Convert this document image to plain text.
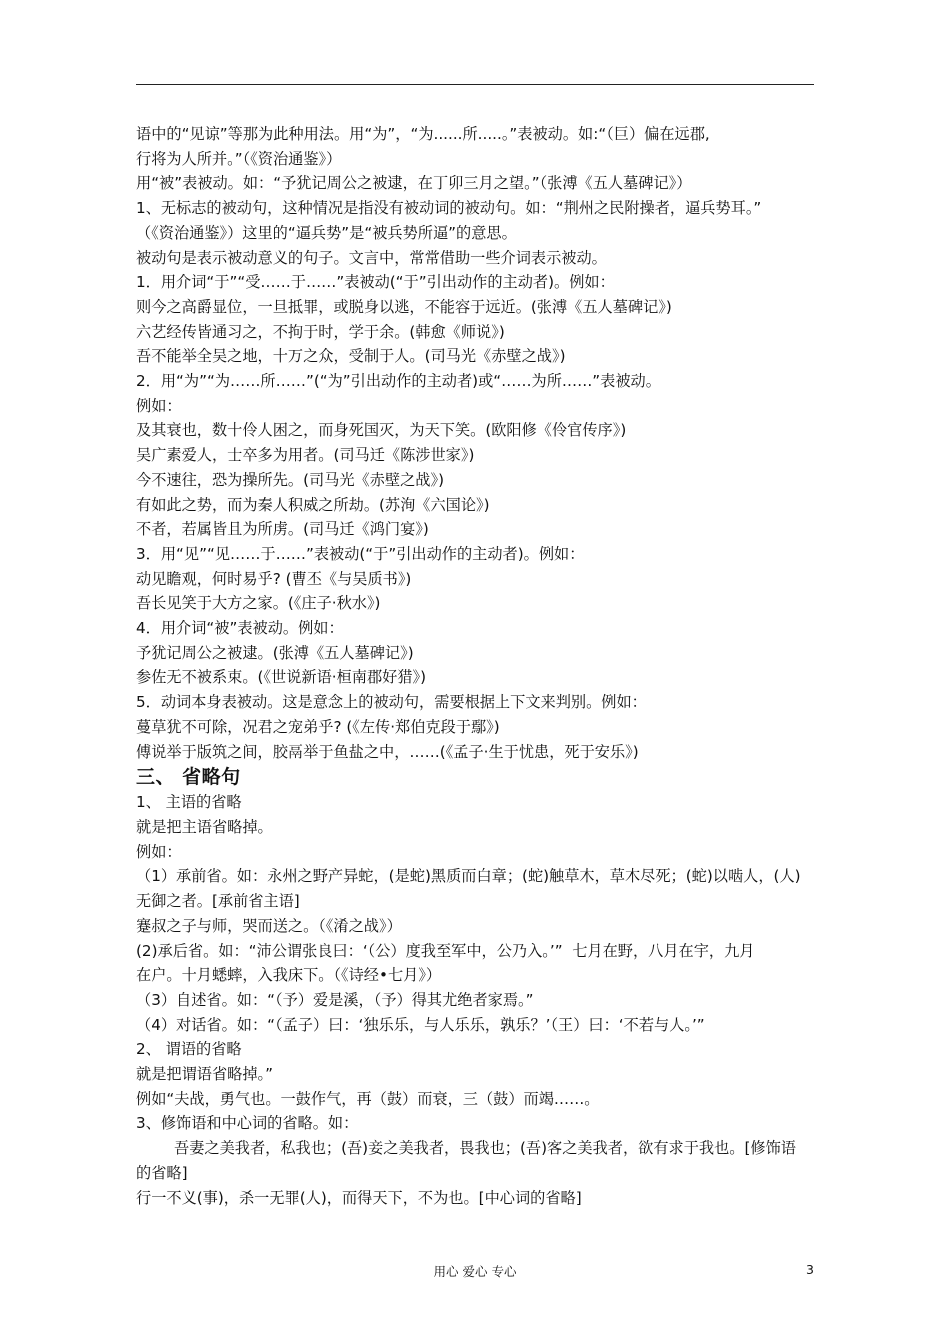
语中的“见谅”等那为此种用法。用“为”，“为......所.....。”表被动。如:“（巨）偏在远郡,

行将为人所并。”（《资治通鉴》）

用“被”表被动。如：“予犹记周公之被逮，在丁卯三月之望。”（张溥《五人墓碑记》）

1、无标志的被动句，这种情况是指没有被动词的被动句。如：“荆州之民附操者，逼兵势耳。”

（《资治通鉴》）这里的“逼兵势”是“被兵势所逼”的意思。

被动句是表示被动意义的句子。文言中，常常借助一些介词表示被动。

1．用介词“于”“受……于……”表被动(“于”引出动作的主动者)。例如：

则今之高爵显位，一旦抵罪，或脱身以逃，不能容于远近。(张溥《五人墓碑记》)

六艺经传皆通习之，不拘于时，学于余。(韩愈《师说》)

吾不能举全吴之地，十万之众，受制于人。(司马光《赤壁之战》)

2．用“为”“为……所……”(“为”引出动作的主动者)或“……为所……”表被动。

例如：

及其衰也，数十伶人困之，而身死国灭，为天下笑。(欧阳修《伶官传序》)

吴广素爱人，士卒多为用者。(司马迁《陈涉世家》)

今不速往，恐为操所先。(司马光《赤壁之战》)

有如此之势，而为秦人积威之所劫。(苏洵《六国论》)

不者，若属皆且为所虏。(司马迁《鸿门宴》)

3．用“见”“见……于……”表被动(“于”引出动作的主动者)。例如：

动见瞻观，何时易乎? (曹丕《与吴质书》)

吾长见笑于大方之家。(《庄子·秋水》)

4．用介词“被”表被动。例如：

予犹记周公之被逮。(张溥《五人墓碑记》)

参佐无不被系束。(《世说新语·桓南郡好猎》)

5．动词本身表被动。这是意念上的被动句，需要根据上下文来判别。例如：

蔓草犹不可除，况君之宠弟乎? (《左传·郑伯克段于鄢》)

傅说举于版筑之间，胶鬲举于鱼盐之中，……(《孟子·生于忧患，死于安乐》)

三、 省略句

1、 主语的省略

就是把主语省略掉。

例如：

（1）承前省。如：永州之野产异蛇，(是蛇)黑质而白章；(蛇)触草木，草木尽死；(蛇)以啮人，(人)

无御之者。[承前省主语]

蹇叔之子与师，哭而送之。（《淆之战》）

(2)承后省。如：“沛公谓张良曰：‘（公）度我至军中，公乃入。’”  七月在野，八月在宇，九月

在户。十月蟋蟀，入我床下。（《诗经•七月》）

（3）自述省。如：“（予）爱是溪，（予）得其尤绝者家焉。”

（4）对话省。如：“（孟子）曰：‘独乐乐，与人乐乐，孰乐？’（王）曰：‘不若与人。’”

2、 谓语的省略

就是把谓语省略掉。”

例如“夫战，勇气也。一鼓作气，再（鼓）而衰，三（鼓）而竭……。

3、修饰语和中心词的省略。如：

吾妻之美我者，私我也；(吾)妾之美我者，畏我也；(吾)客之美我者，欲有求于我也。[修饰语

的省略]

行一不义(事)，杀一无罪(人)，而得天下，不为也。[中心词的省略]

用心 爱心 专心	3
